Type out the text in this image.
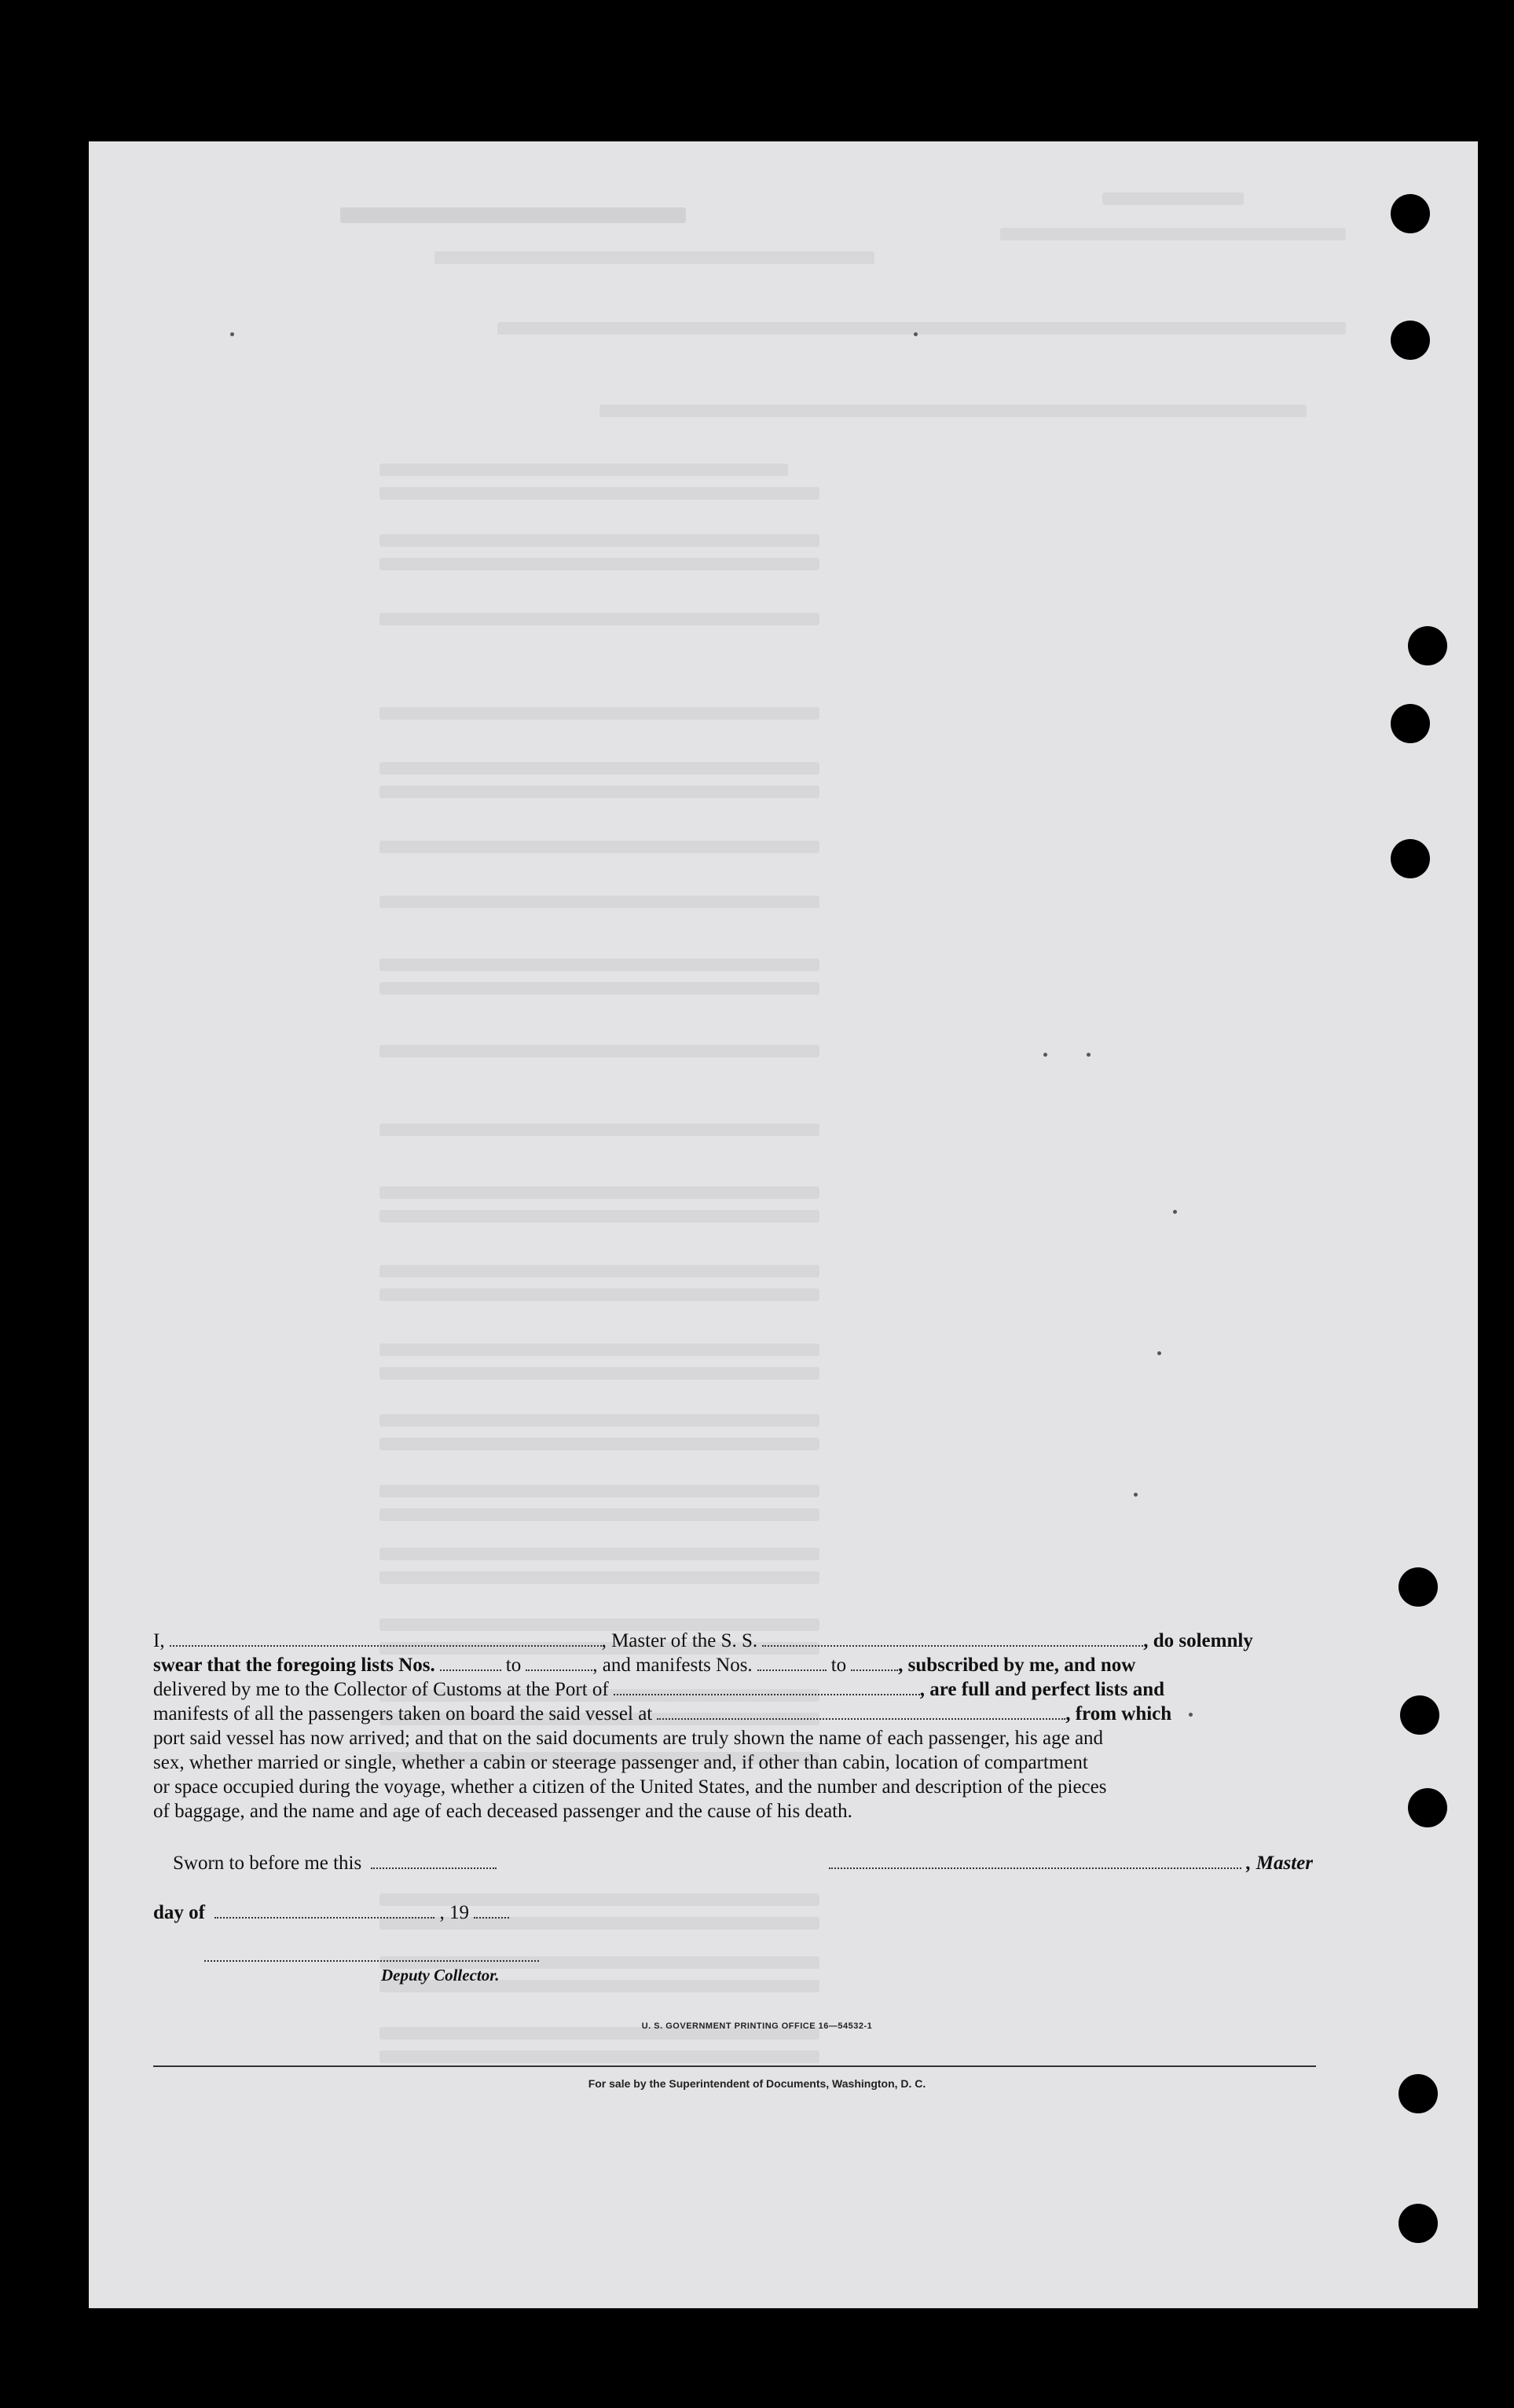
I,	, Master of the S. S.	, do solemnly
swear that the foregoing lists Nos.	to	, and manifests Nos.	to	, subscribed by me, and now
delivered by me to the Collector of Customs at the Port of	, are full and perfect lists and
manifests of all the passengers taken on board the said vessel at	, from which
port said vessel has now arrived; and that on the said documents are truly shown the name of each passenger, his age and
sex, whether married or single, whether a cabin or steerage passenger and, if other than cabin, location of compartment
or space occupied during the voyage, whether a citizen of the United States, and the number and description of the pieces
of baggage, and the name and age of each deceased passenger and the cause of his death.
Sworn to before me this	, Master
day of	, 19
Deputy Collector.
U. S. GOVERNMENT PRINTING OFFICE 16—54532-1
For sale by the Superintendent of Documents, Washington, D. C.
